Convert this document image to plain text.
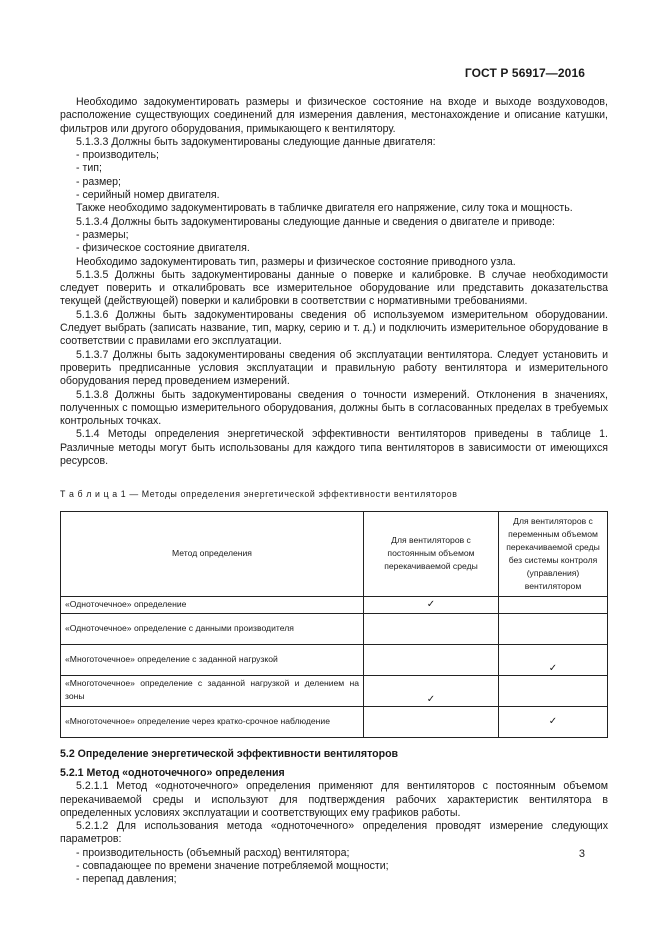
ГОСТ Р 56917—2016

Необходимо задокументировать размеры и физическое состояние на входе и выходе воздуховодов, расположение существующих соединений для измерения давления, местонахождение и описание катушки, фильтров или другого оборудования, примыкающего к вентилятору.

5.1.3.3 Должны быть задокументированы следующие данные двигателя:

- производитель;

- тип;

- размер;

- серийный номер двигателя.

Также необходимо задокументировать в табличке двигателя его напряжение, силу тока и мощность.

5.1.3.4 Должны быть задокументированы следующие данные и сведения о двигателе и приводе:

- размеры;

- физическое состояние двигателя.

Необходимо задокументировать тип, размеры и физическое состояние приводного узла.

5.1.3.5 Должны быть задокументированы данные о поверке и калибровке. В случае необходимости следует поверить и откалибровать все измерительное оборудование или представить доказательства текущей (действующей) поверки и калибровки в соответствии с нормативными требованиями.

5.1.3.6 Должны быть задокументированы сведения об используемом измерительном оборудовании. Следует выбрать (записать название, тип, марку, серию и т. д.) и подключить измерительное оборудование в соответствии с правилами его эксплуатации.

5.1.3.7 Должны быть задокументированы сведения об эксплуатации вентилятора. Следует установить и проверить предписанные условия эксплуатации и правильную работу вентилятора и измерительного оборудования перед проведением измерений.

5.1.3.8 Должны быть задокументированы сведения о точности измерений. Отклонения в значениях, полученных с помощью измерительного оборудования, должны быть в согласованных пределах в требуемых контрольных точках.

5.1.4 Методы определения энергетической эффективности вентиляторов приведены в таблице 1. Различные методы могут быть использованы для каждого типа вентиляторов в зависимости от имеющихся ресурсов.

Т а б л и ц а 1 — Методы определения энергетической эффективности вентиляторов

Метод определения	Для вентиляторов с постоянным объемом перекачиваемой среды	Для вентиляторов с переменным объемом перекачиваемой среды без системы контроля (управления) вентилятором
«Одноточечное» определение	✓	
«Одноточечное» определение с данными производителя		
«Многоточечное» определение с заданной нагрузкой		✓
«Многоточечное» определение с заданной нагрузкой и делением на зоны	✓	
«Многоточечное» определение через кратко-срочное наблюдение		✓

5.2 Определение энергетической эффективности вентиляторов

5.2.1 Метод «одноточечного» определения

5.2.1.1 Метод «одноточечного» определения применяют для вентиляторов с постоянным объемом перекачиваемой среды и используют для подтверждения рабочих характеристик вентилятора в определенных условиях эксплуатации и соответствующих ему графиков работы.

5.2.1.2 Для использования метода «одноточечного» определения проводят измерение следующих параметров:

- производительность (объемный расход) вентилятора;

- совпадающее по времени значение потребляемой мощности;

- перепад давления;

3
